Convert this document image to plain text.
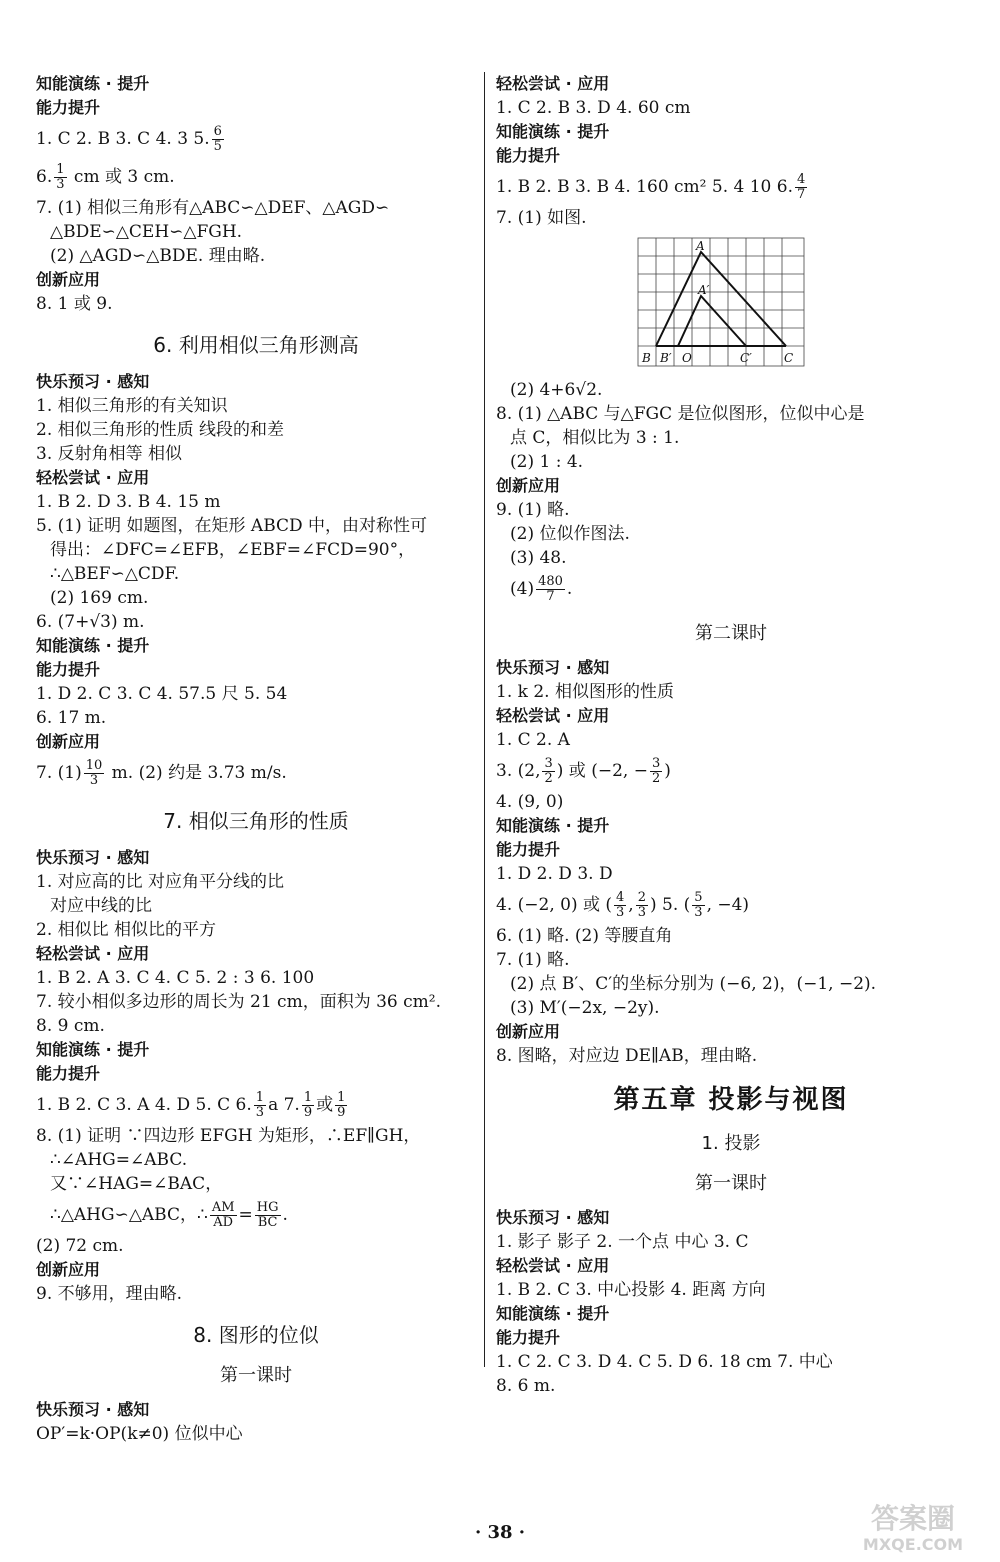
知能演练 · 提升
能力提升
1. C 2. B 3. C 4. 3 5. $\frac{6}{5}$
6. $\frac{1}{3}$ cm 或 3 cm.
7. (1) 相似三角形有△ABC∽△DEF、△AGD∽
△BDE∽△CEH∽△FGH.
(2) △AGD∽△BDE. 理由略.
创新应用
8. 1 或 9.
6. 利用相似三角形测高
快乐预习 · 感知
1. 相似三角形的有关知识
2. 相似三角形的性质 线段的和差
3. 反射角相等 相似
轻松尝试 · 应用
1. B 2. D 3. B 4. 15 m
5. (1) 证明 如题图，在矩形 ABCD 中，由对称性可
得出：∠DFC=∠EFB，∠EBF=∠FCD=90°，
∴△BEF∽△CDF.
(2) 169 cm.
6. (7+√3) m.
知能演练 · 提升
能力提升
1. D 2. C 3. C 4. 57.5 尺 5. 54
6. 17 m.
创新应用
7. $(1) \frac{10}{3} m$. (2) 约是 3.73 m/s.
7. 相似三角形的性质
快乐预习 · 感知
1. 对应高的比 对应角平分线的比
对应中线的比
2. 相似比 相似比的平方
轻松尝试 · 应用
1. B 2. A 3. C 4. C 5. 2 : 3 6. 100
7. 较小相似多边形的周长为 21 cm，面积为 36 cm².
8. 9 cm.
知能演练 · 提升
能力提升
1. B 2. C 3. A 4. D 5. C 6. $\frac{1}{3}$ a 7. $\frac{1}{9}$ 或 $\frac{1}{9}$
8. (1) 证明 ∵四边形 EFGH 为矩形，∴EF∥GH，
∴∠AHG=∠ABC.
又∵∠HAG=∠BAC，
∴△AHG∽△ABC，∴ $\frac{AM}{AD} = \frac{HG}{BC}$ .
(2) 72 cm.
创新应用
9. 不够用，理由略.
8. 图形的位似
第一课时
快乐预习 · 感知
OP′=k·OP(k≠0) 位似中心
轻松尝试 · 应用
1. C 2. B 3. D 4. 60 cm
知能演练 · 提升
能力提升
1. B 2. B 3. B 4. 160 cm² 5. 4 10 6. $\frac{4}{7}$
7. (1) 如图.
A
A′
B B′ O	C′	C
(2) 4+6√2.
8. (1) △ABC 与△FGC 是位似图形，位似中心是
点 C，相似比为 3 : 1.
(2) 1 : 4.
创新应用
9. (1) 略.
(2) 位似作图法.
(3) 48.
$(4) \frac{480}{7}$ .
第二课时
快乐预习 · 感知
1. k 2. 相似图形的性质
轻松尝试 · 应用
1. C 2. A
3. (2, $\frac{3}{2}$ ) 或 (−2, − $\frac{3}{2}$ )
4. (9, 0)
知能演练 · 提升
能力提升
1. D 2. D 3. D
4. (−2, 0) 或 ( $\frac{4}{3}$ , $\frac{2}{3}$ ) 5. ( $\frac{5}{3}$ , −4)
6. (1) 略. (2) 等腰直角
7. (1) 略.
(2) 点 B′、C′的坐标分别为 (−6, 2)，(−1, −2).
(3) M′(−2x, −2y).
创新应用
8. 图略，对应边 DE∥AB，理由略.
第五章 投影与视图
1. 投影
第一课时
快乐预习 · 感知
1. 影子 影子 2. 一个点 中心 3. C
轻松尝试 · 应用
1. B 2. C 3. 中心投影 4. 距离 方向
知能演练 · 提升
能力提升
1. C 2. C 3. D 4. C 5. D 6. 18 cm 7. 中心
8. 6 m.
· 38 ·	答案圈
MXQE.COM
